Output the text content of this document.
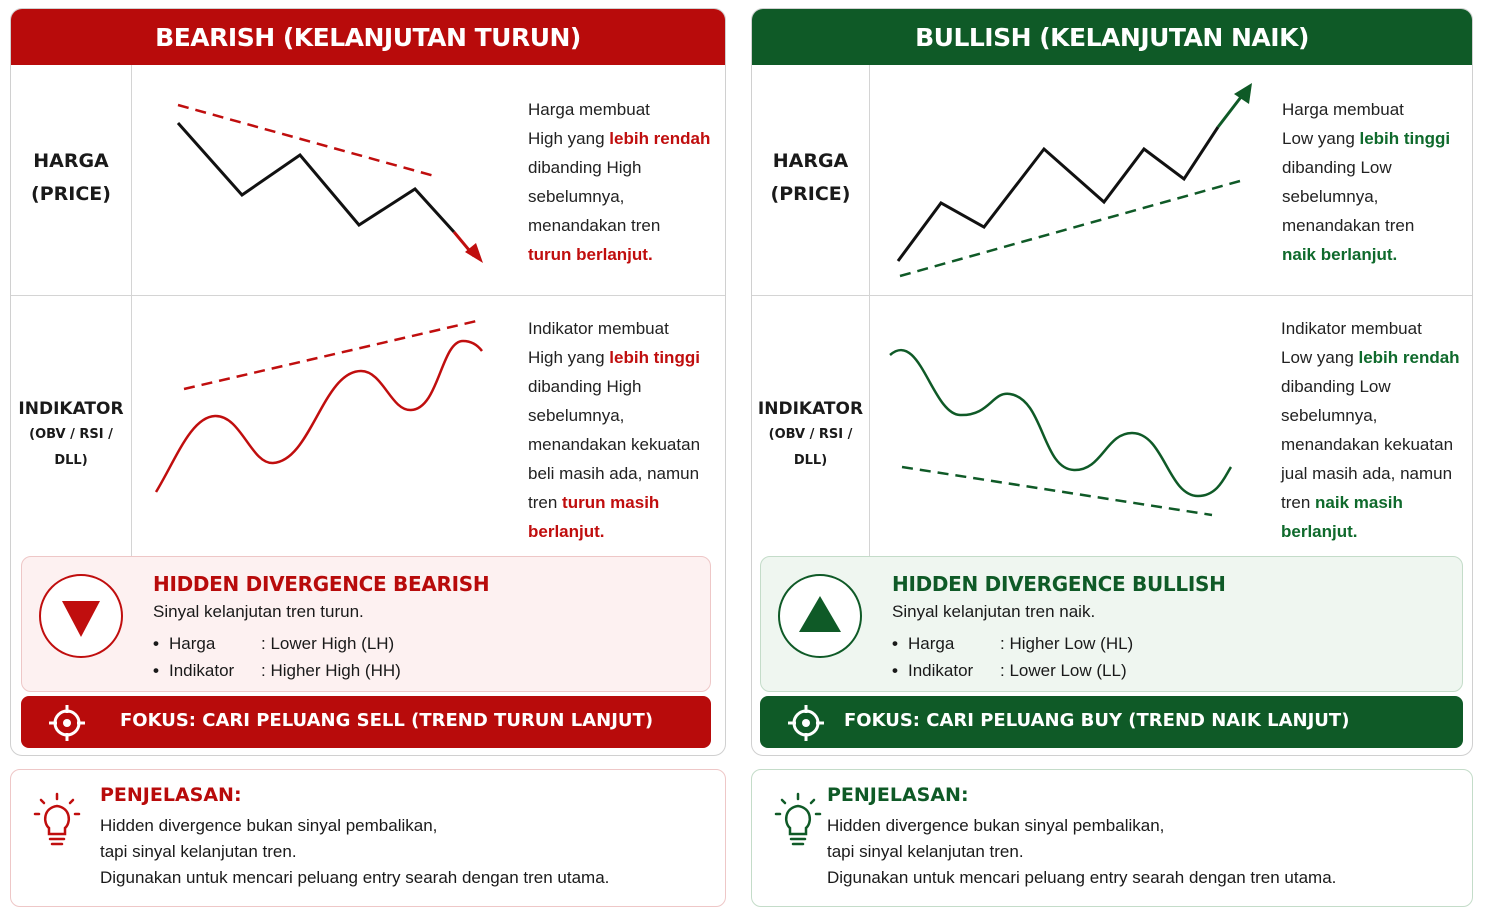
BEARISH (KELANJUTAN TURUN)
HARGA
(PRICE)
INDIKATOR
(OBV / RSI / DLL)
Harga membuat
High yang lebih rendah
dibanding High
sebelumnya,
menandakan tren
turun berlanjut.
Indikator membuat
High yang lebih tinggi
dibanding High
sebelumnya,
menandakan kekuatan
beli masih ada, namun
tren turun masih
berlanjut.
HIDDEN DIVERGENCE BEARISH
Sinyal kelanjutan tren turun.
• Harga	: Lower High (LH)
• Indikator : Higher High (HH)
FOKUS: CARI PELUANG SELL (TREND TURUN LANJUT)
BULLISH (KELANJUTAN NAIK)
HARGA
(PRICE)
INDIKATOR
(OBV / RSI / DLL)
Harga membuat
Low yang lebih tinggi
dibanding Low
sebelumnya,
menandakan tren
naik berlanjut.
Indikator membuat
Low yang lebih rendah
dibanding Low
sebelumnya,
menandakan kekuatan
jual masih ada, namun
tren naik masih
berlanjut.
HIDDEN DIVERGENCE BULLISH
Sinyal kelanjutan tren naik.
• Harga	: Higher Low (HL)
• Indikator : Lower Low (LL)
FOKUS: CARI PELUANG BUY (TREND NAIK LANJUT)
PENJELASAN:
Hidden divergence bukan sinyal pembalikan,
tapi sinyal kelanjutan tren.
Digunakan untuk mencari peluang entry searah dengan tren utama.
PENJELASAN:
Hidden divergence bukan sinyal pembalikan,
tapi sinyal kelanjutan tren.
Digunakan untuk mencari peluang entry searah dengan tren utama.
